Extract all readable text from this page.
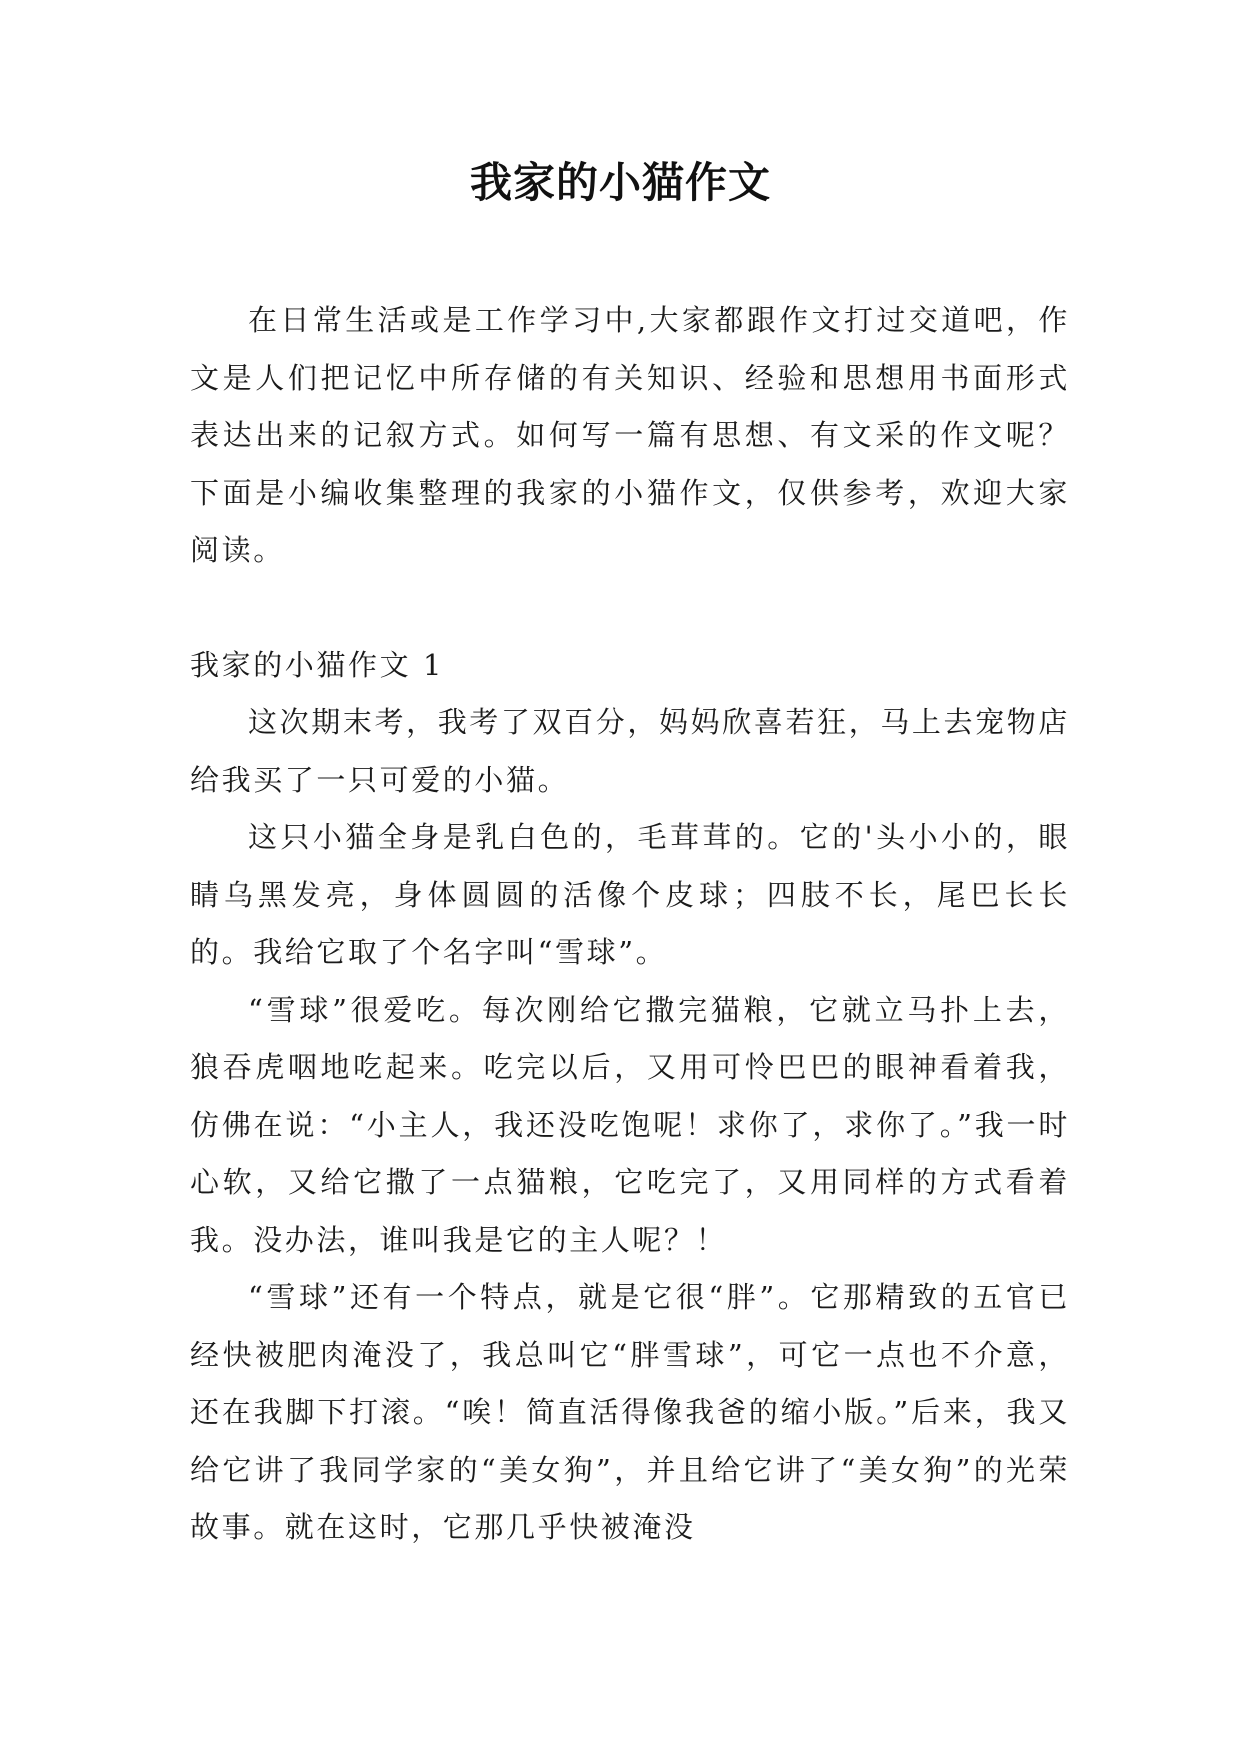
我家的小猫作文

在日常生活或是工作学习中,大家都跟作文打过交道吧，作文是人们把记忆中所存储的有关知识、经验和思想用书面形式表达出来的记叙方式。如何写一篇有思想、有文采的作文呢？下面是小编收集整理的我家的小猫作文，仅供参考，欢迎大家阅读。

我家的小猫作文 1

这次期末考，我考了双百分，妈妈欣喜若狂，马上去宠物店给我买了一只可爱的小猫。

这只小猫全身是乳白色的，毛茸茸的。它的'头小小的，眼睛乌黑发亮，身体圆圆的活像个皮球；四肢不长，尾巴长长的。我给它取了个名字叫“雪球”。

“雪球”很爱吃。每次刚给它撒完猫粮，它就立马扑上去，狼吞虎咽地吃起来。吃完以后，又用可怜巴巴的眼神看着我，仿佛在说：“小主人，我还没吃饱呢！求你了，求你了。”我一时心软，又给它撒了一点猫粮，它吃完了，又用同样的方式看着我。没办法，谁叫我是它的主人呢？！

“雪球”还有一个特点，就是它很“胖”。它那精致的五官已经快被肥肉淹没了，我总叫它“胖雪球”，可它一点也不介意，还在我脚下打滚。“唉！简直活得像我爸的缩小版。”后来，我又给它讲了我同学家的“美女狗”，并且给它讲了“美女狗”的光荣故事。就在这时，它那几乎快被淹没
